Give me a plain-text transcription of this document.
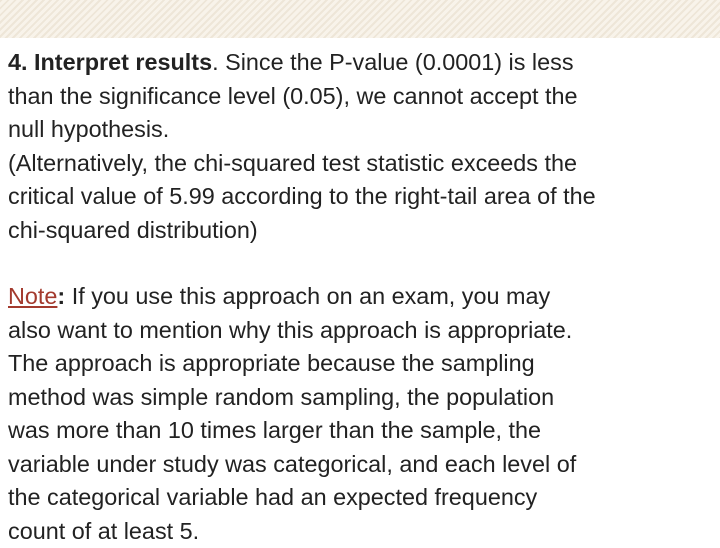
4. Interpret results. Since the P-value (0.0001) is less
than the significance level (0.05), we cannot accept the
null hypothesis.
(Alternatively, the chi-squared test statistic exceeds the
critical value of 5.99 according to the right-tail area of the
chi-squared distribution)
Note: If you use this approach on an exam, you may
also want to mention why this approach is appropriate.
The approach is appropriate because the sampling
method was simple random sampling, the population
was more than 10 times larger than the sample, the
variable under study was categorical, and each level of
the categorical variable had an expected frequency
count of at least 5.
